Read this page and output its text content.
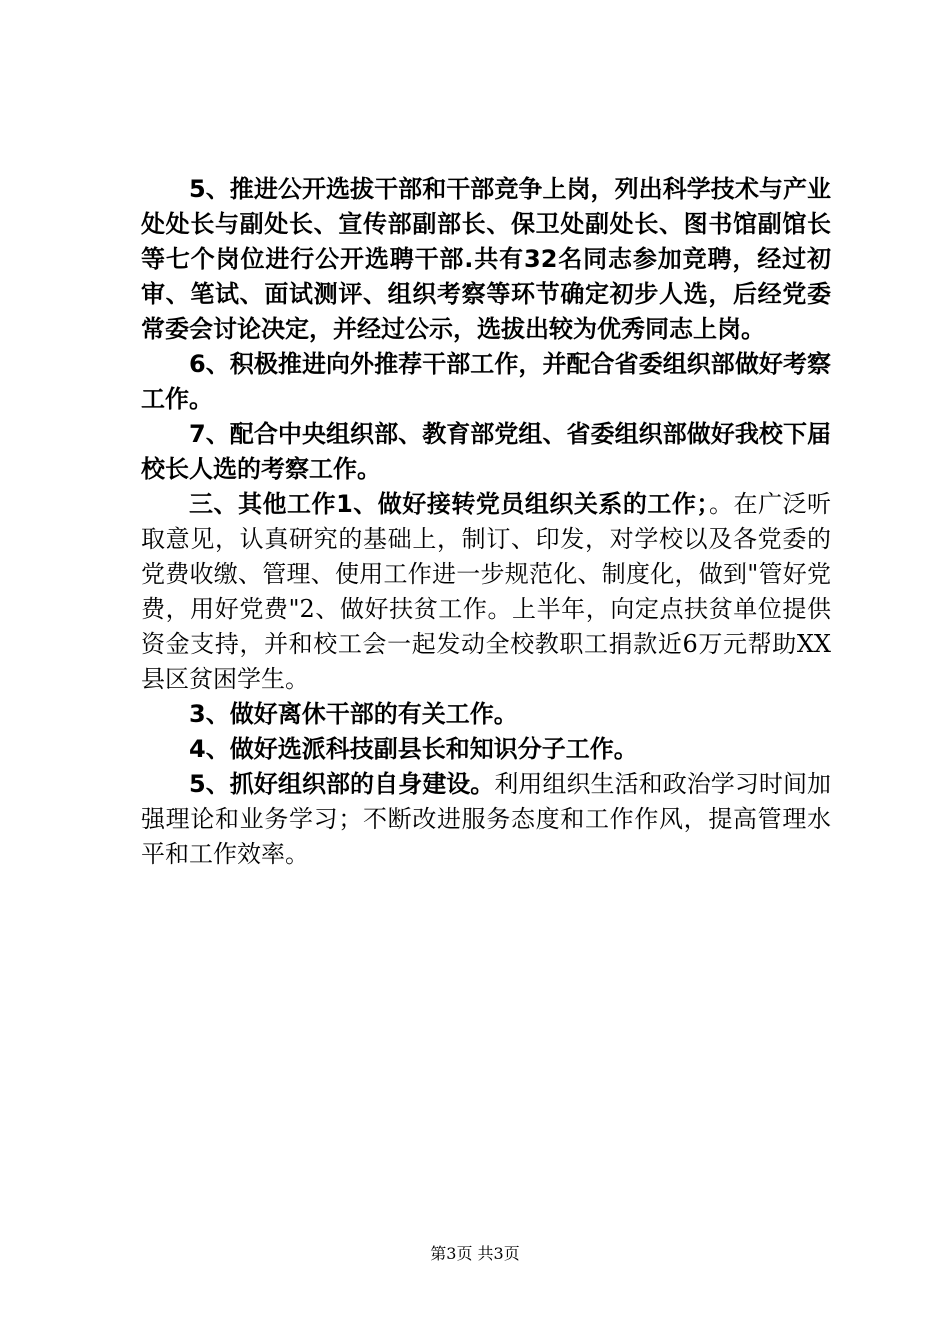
5、推进公开选拔干部和干部竞争上岗，列出科学技术与产业处处长与副处长、宣传部副部长、保卫处副处长、图书馆副馆长等七个岗位进行公开选聘干部.共有32名同志参加竞聘，经过初审、笔试、面试测评、组织考察等环节确定初步人选，后经党委常委会讨论决定，并经过公示，选拔出较为优秀同志上岗。

6、积极推进向外推荐干部工作，并配合省委组织部做好考察工作。

7、配合中央组织部、教育部党组、省委组织部做好我校下届校长人选的考察工作。

三、其他工作1、做好接转党员组织关系的工作；。在广泛听取意见，认真研究的基础上，制订、印发，对学校以及各党委的党费收缴、管理、使用工作进一步规范化、制度化，做到"管好党费，用好党费"2、做好扶贫工作。上半年，向定点扶贫单位提供资金支持，并和校工会一起发动全校教职工捐款近6万元帮助XX县区贫困学生。

3、做好离休干部的有关工作。

4、做好选派科技副县长和知识分子工作。

5、抓好组织部的自身建设。利用组织生活和政治学习时间加强理论和业务学习；不断改进服务态度和工作作风，提高管理水平和工作效率。

第3页 共3页
